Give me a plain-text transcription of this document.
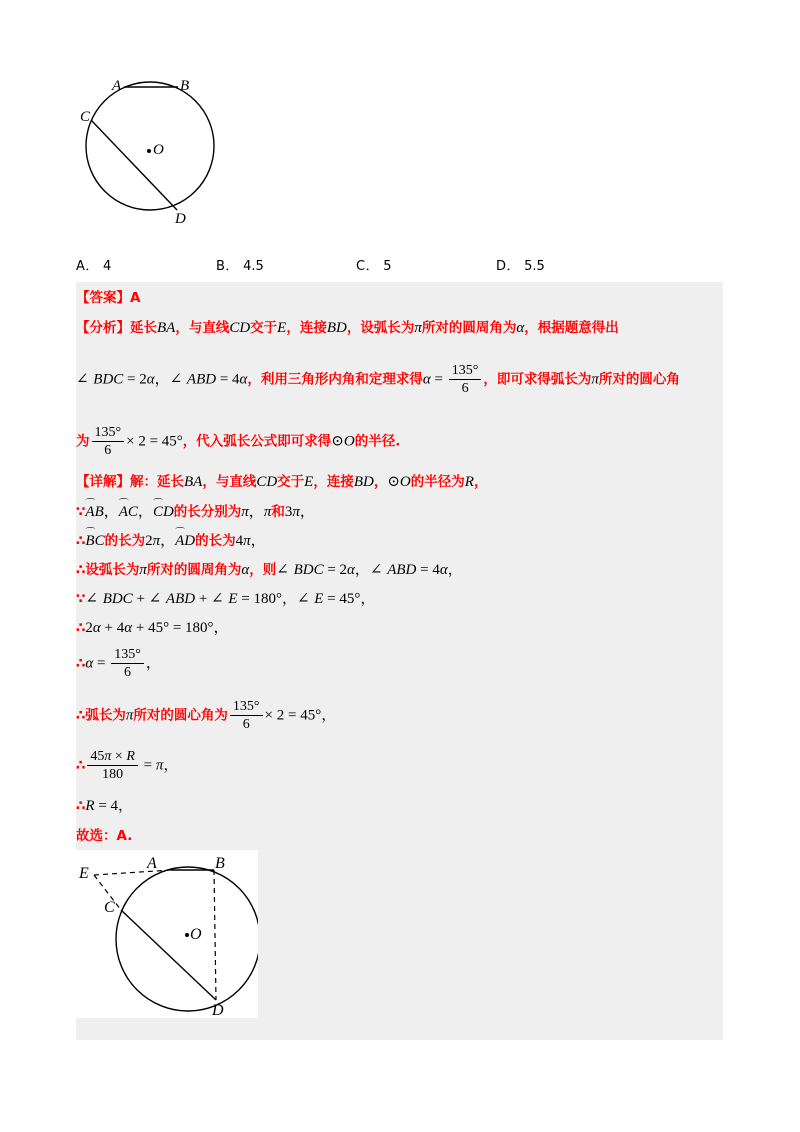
A	B
C
D
O
A． 4	B． 4.5	C． 5	D． 5.5
【答案】A
【分析】延长BA，与直线CD交于E，连接BD，设弧长为π所对的圆周角为α，根据题意得出
∠ BDC = 2α，∠ ABD = 4α，利用三角形内角和定理求得$\alpha = \frac{135^\circ}{6}$ ，即可求得弧长为π所对的圆心角
为 $\frac{135^\circ}{6} \times 2 = 45^\circ$，代入弧长公式即可求得⊙O的半径.
【详解】解：延长BA，与直线CD交于E，连接BD，⊙O的半径为R，
∵⌒ AB，⌒ AC，⌒ CD的长分别为π，π和3π，
∴⌒ BC的长为2π，⌒ AD的长为4π，
∴设弧长为π所对的圆周角为α，则∠ BDC = 2α，∠ ABD = 4α，
∵∠ BDC + ∠ ABD + ∠ E = 180°，∠ E = 45°，
∴2α + 4α + 45° = 180°，
∴α = $\frac{135^\circ}{6}$ ，
∴弧长为π所对的圆心角为 $\frac{135^\circ}{6} \times 2 = 45^\circ$，
∴ $\frac{45\pi \times R}{180} = \pi$，
∴R = 4，
故选：A.
E
A	B
C
D
O
